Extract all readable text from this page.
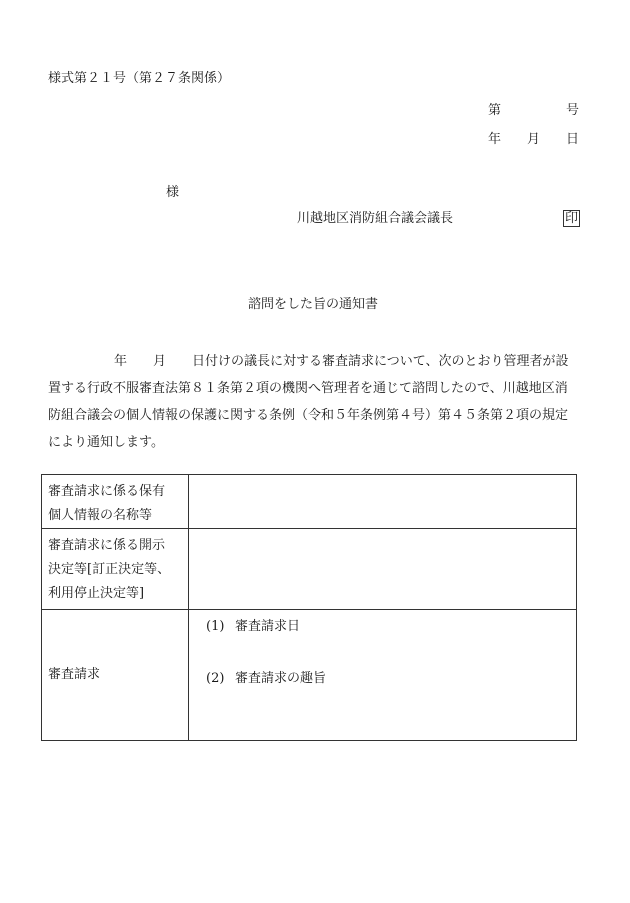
様式第２１号（第２７条関係）
第	号
年 月 日
様
川越地区消防組合議会議長	印
諮問をした旨の通知書
年 月 日付けの議長に対する審査請求について、次のとおり管理者が設
置する行政不服審査法第８１条第２項の機関へ管理者を通じて諮問したので、川越地区消
防組合議会の個人情報の保護に関する条例（令和５年条例第４号）第４５条第２項の規定
により通知します。
審査請求に係る保有
個人情報の名称等	

審査請求に係る開示
決定等[訂正決定等、
利用停止決定等]	

審査請求	(1) 審査請求日
(2) 審査請求の趣旨
